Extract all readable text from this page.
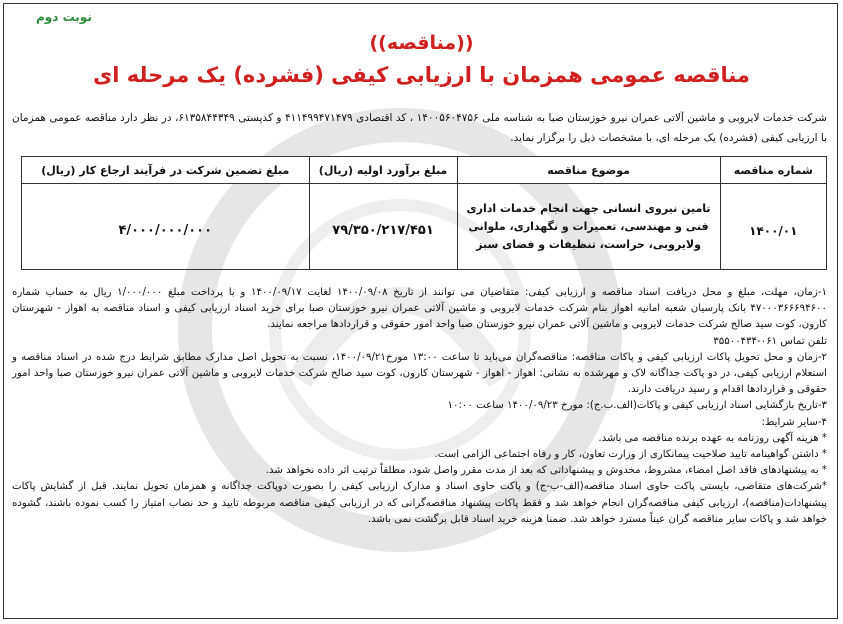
نوبت دوم
((مناقصه))
مناقصه عمومی همزمان با ارزیابی کیفی (فشرده) یک مرحله ای
شرکت خدمات لایروبی و ماشین آلاتی عمران نیرو خوزستان صبا به شناسه ملی ۱۴۰۰۵۶۰۴۷۵۶ ، کد اقتصادی ۴۱۱۴۹۹۴۷۱۴۷۹ و کدپستی ۶۱۳۵۸۴۴۳۴۹، در نظر دارد مناقصه عمومی همزمان با ارزیابی کیفی (فشرده) یک مرحله ای، با مشخصات ذیل را برگزار نماید.
شماره مناقصه	موضوع مناقصه	مبلغ برآورد اولیه (ریال)	مبلغ تضمین شرکت در فرآیند ارجاع کار (ریال)
۱۴۰۰/۰۱	تامین نیروی انسانی جهت انجام خدمات اداری فنی و مهندسی، تعمیرات و نگهداری، ملوانی ولایروبی، حراست، تنظیفات و فضای سبز	۷۹/۳۵۰/۲۱۷/۴۵۱	۴/۰۰۰/۰۰۰/۰۰۰

۱-زمان، مهلت، مبلغ و محل دریافت اسناد مناقصه و ارزیابی کیفی: متقاضیان می توانند از تاریخ ۱۴۰۰/۰۹/۰۸ لغایت ۱۴۰۰/۰۹/۱۷ و با پرداخت مبلغ ۱/۰۰۰/۰۰۰ ریال به حساب شماره ۴۷۰۰۰۳۶۶۶۹۴۶۰۰ بانک پارسیان شعبه امانیه اهواز بنام شرکت خدمات لایروبی و ماشین آلاتی عمران نیرو خوزستان صبا برای خرید اسناد ارزیابی کیفی و اسناد مناقصه به اهواز - شهرستان کارون، کوت سید صالح شرکت خدمات لایروبی و ماشین آلاتی عمران نیرو خوزستان صبا واحد امور حقوقی و قراردادها مراجعه نمایند.

تلفن تماس ۰۶۱-۳۵۵۰۰۴۳۴

۲-زمان و محل تحویل پاکات ارزیابی کیفی و پاکات مناقصه: مناقصه‌گران می‌باید تا ساعت ۱۳:۰۰ مورخ۱۴۰۰/۰۹/۲۱، نسبت به تحویل اصل مدارک مطابق شرایط درج شده در اسناد مناقصه و استعلام ارزیابی کیفی، در دو پاکت جداگانه لاک و مهرشده به نشانی: اهواز - اهواز - شهرستان کارون، کوت سید صالح شرکت خدمات لایروبی و ماشین آلاتی عمران نیرو خوزستان صبا واحد امور حقوقی و قراردادها اقدام و رسید دریافت دارند.

۳-تاریخ بازگشایی اسناد ارزیابی کیفی و پاکات(الف.ب.ج): مورخ ۱۴۰۰/۰۹/۲۳ ساعت ۱۰:۰۰

۴-سایر شرایط:

* هزینه آگهی روزنامه به عهده برنده مناقصه می باشد.

* داشتن گواهینامه تایید صلاحیت پیمانکاری از وزارت تعاون، کار و رفاه اجتماعی الزامی است.

* به پیشنهادهای فاقد اصل امضاء، مشروط، مخدوش و پیشنهاداتی که بعد از مدت مقرر واصل شود، مطلقاً ترتیب اثر داده نخواهد شد.

*شرکت‌های متقاضی، بایستی پاکت حاوی اسناد مناقصه(الف-ب-ج) و پاکت حاوی اسناد و مدارک ارزیابی کیفی را بصورت دوپاکت جداگانه و همزمان تحویل نمایند. قبل از گشایش پاکات پیشنهادات(مناقصه)، ارزیابی کیفی مناقصه‌گران انجام خواهد شد و فقط پاکات پیشنهاد مناقصه‌گرانی که در ارزیابی کیفی مناقصه مربوطه تایید و حد نصاب امتیاز را کسب نموده باشند، گشوده خواهد شد و پاکات سایر مناقصه گران عیناً مسترد خواهد شد. ضمنا هزینه خرید اسناد قابل برگشت نمی باشد.
